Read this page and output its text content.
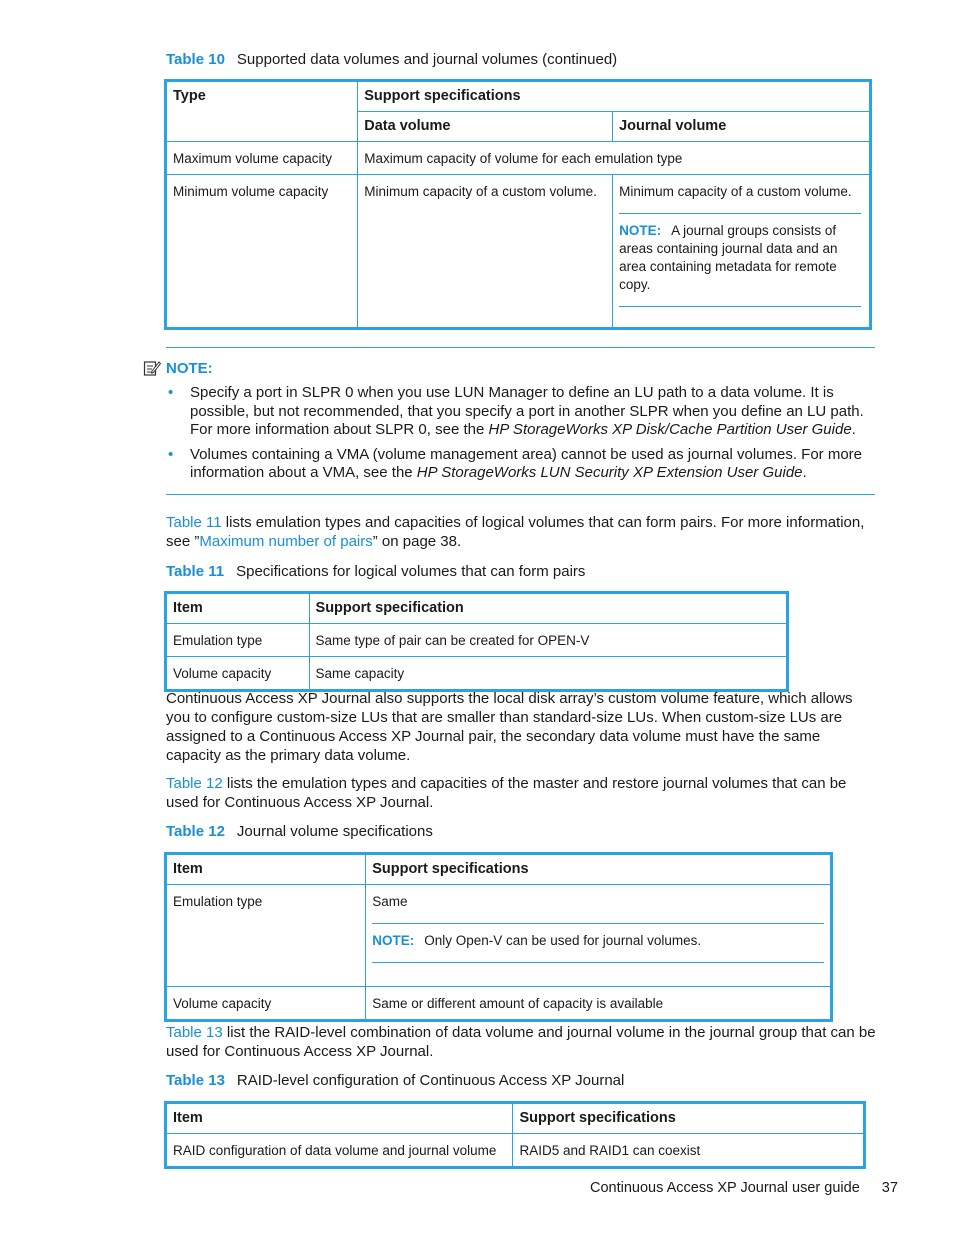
Table 10 Supported data volumes and journal volumes (continued)
Type	Support specifications	
	Data volume	Journal volume
Maximum volume capacity	Maximum capacity of volume for each emulation type	
Minimum volume capacity	Minimum capacity of a custom volume.	Minimum capacity of a custom volume.
NOTE: A journal groups consists of areas containing journal data and an area containing metadata for remote copy.
NOTE:
• Specify a port in SLPR 0 when you use LUN Manager to define an LU path to a data volume. It is possible, but not recommended, that you specify a port in another SLPR when you define an LU path. For more information about SLPR 0, see the HP StorageWorks XP Disk/Cache Partition User Guide.
• Volumes containing a VMA (volume management area) cannot be used as journal volumes. For more information about a VMA, see the HP StorageWorks LUN Security XP Extension User Guide.
Table 11 lists emulation types and capacities of logical volumes that can form pairs. For more information, see ”Maximum number of pairs” on page 38.
Table 11 Specifications for logical volumes that can form pairs
Item	Support specification
Emulation type	Same type of pair can be created for OPEN-V
Volume capacity	Same capacity
Continuous Access XP Journal also supports the local disk array’s custom volume feature, which allows you to configure custom-size LUs that are smaller than standard-size LUs. When custom-size LUs are assigned to a Continuous Access XP Journal pair, the secondary data volume must have the same capacity as the primary data volume.
Table 12 lists the emulation types and capacities of the master and restore journal volumes that can be used for Continuous Access XP Journal.
Table 12 Journal volume specifications
Item	Support specifications
Emulation type	Same
NOTE: Only Open-V can be used for journal volumes.

Volume capacity	Same or different amount of capacity is available
Table 13 list the RAID-level combination of data volume and journal volume in the journal group that can be used for Continuous Access XP Journal.
Table 13 RAID-level configuration of Continuous Access XP Journal
Item	Support specifications
RAID configuration of data volume and journal volume	RAID5 and RAID1 can coexist
Continuous Access XP Journal user guide 37
